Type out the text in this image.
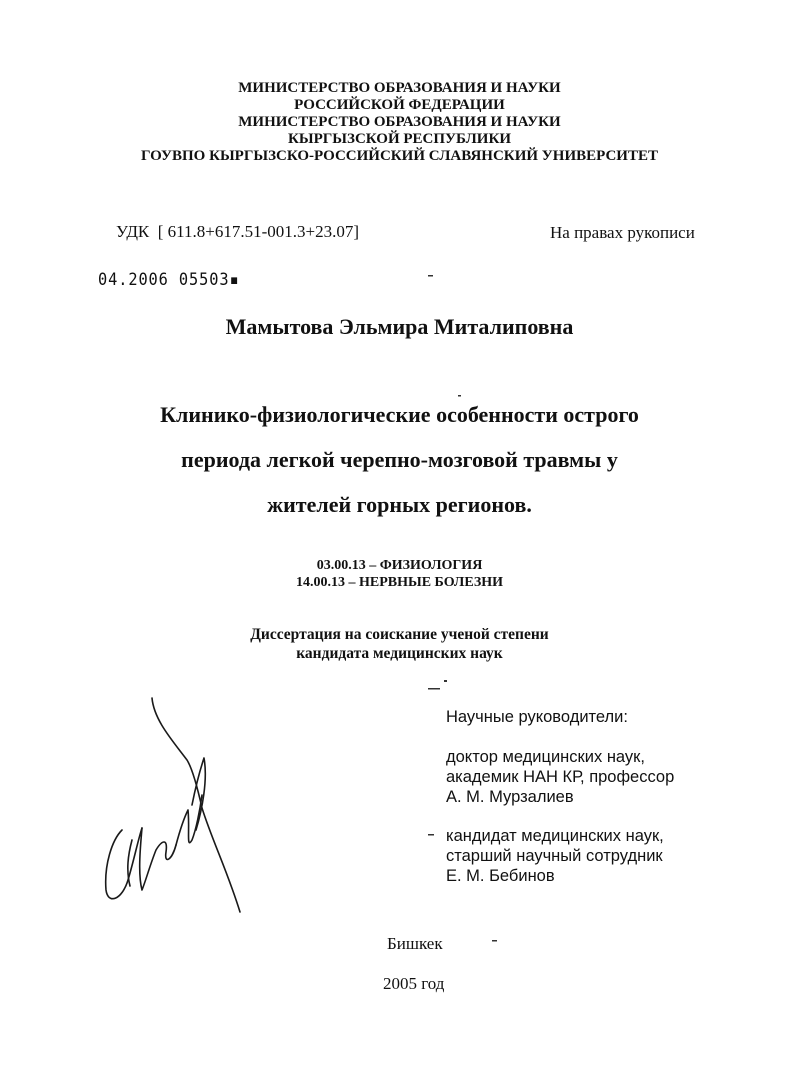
МИНИСТЕРСТВО ОБРАЗОВАНИЯ И НАУКИ
РОССИЙСКОЙ ФЕДЕРАЦИИ
МИНИСТЕРСТВО ОБРАЗОВАНИЯ И НАУКИ
КЫРГЫЗСКОЙ РЕСПУБЛИКИ
ГОУВПО КЫРГЫЗСКО-РОССИЙСКИЙ СЛАВЯНСКИЙ УНИВЕРСИТЕТ
УДК  [ 611.8+617.51-001.3+23.07]	На правах рукописи
04.2006 05503▪
Мамытова Эльмира Миталиповна
Клинико-физиологические особенности острого
периода легкой черепно-мозговой травмы у
жителей горных регионов.
03.00.13 – ФИЗИОЛОГИЯ
14.00.13 – НЕРВНЫЕ БОЛЕЗНИ
Диссертация на соискание ученой степени
кандидата медицинских наук

Научные руководители:

доктор медицинских наук,

академик НАН КР, профессор

А. М. Мурзалиев

кандидат медицинских наук,

старший научный сотрудник

Е. М. Бебинов

Бишкек
2005 год
